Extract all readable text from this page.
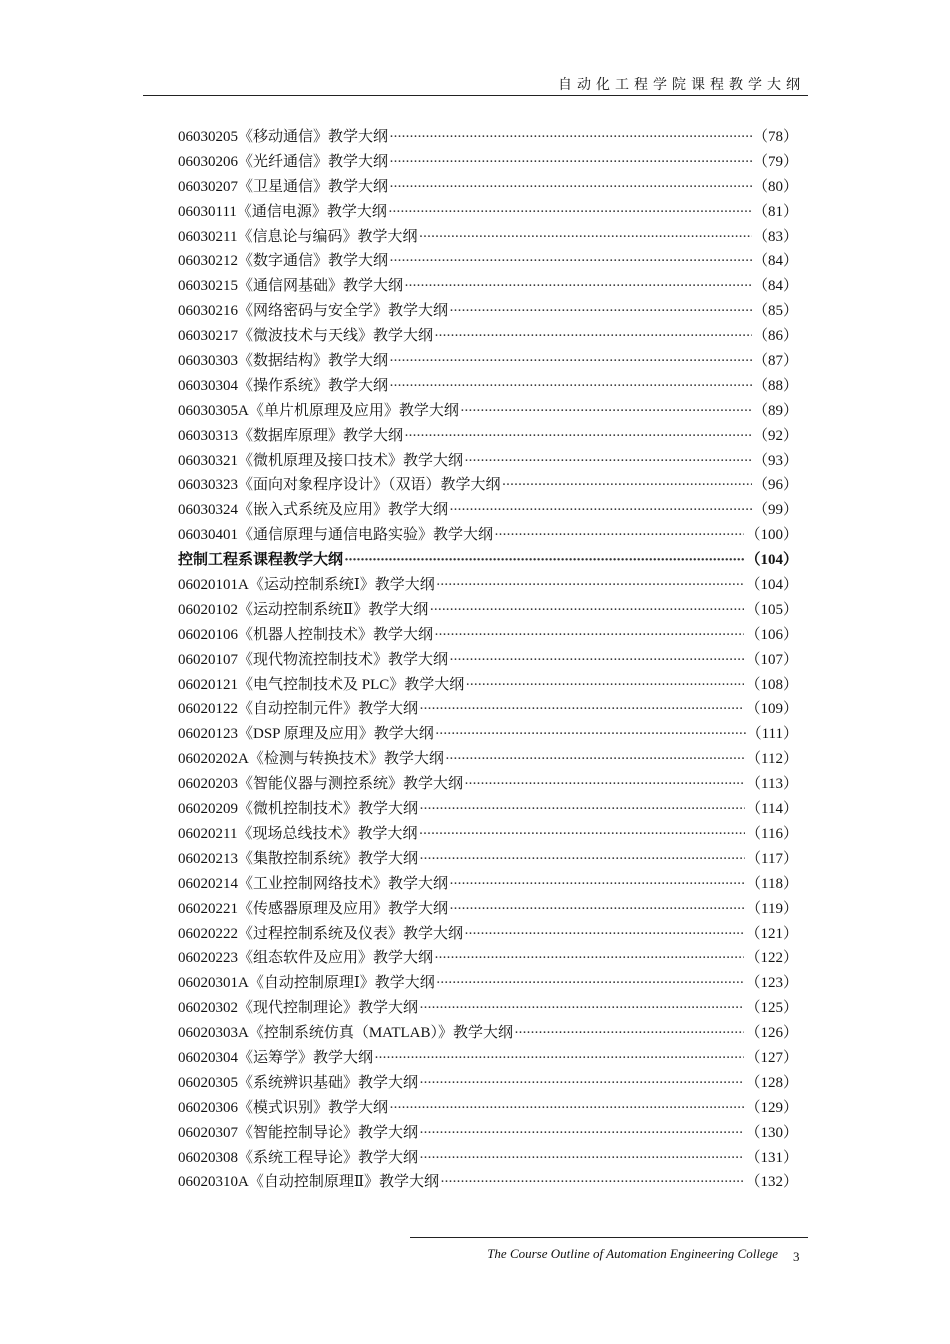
自动化工程学院课程教学大纲
06030205 《移动通信》教学大纲 ·····	（78）
06030206 《光纤通信》教学大纲 ·····	（79）
06030207 《卫星通信》教学大纲 ·····	（80）
06030111 《通信电源》教学大纲 ·····	（81）
06030211 《信息论与编码》教学大纲 ·····	（83）
06030212 《数字通信》教学大纲 ·····	（84）
06030215 《通信网基础》教学大纲 ·····	（84）
06030216 《网络密码与安全学》教学大纲 ·····	（85）
06030217 《微波技术与天线》教学大纲 ·····	（86）
06030303 《数据结构》教学大纲 ·····	（87）
06030304 《操作系统》教学大纲 ·····	（88）
06030305A 《单片机原理及应用》教学大纲 ·····	（89）
06030313 《数据库原理》教学大纲 ·····	（92）
06030321 《微机原理及接口技术》教学大纲 ·····	（93）
06030323 《面向对象程序设计》（双语）教学大纲 ·····	（96）
06030324 《嵌入式系统及应用》教学大纲 ·····	（99）
06030401 《通信原理与通信电路实验》教学大纲 ·····	（100）
控制工程系课程教学大纲 ·····	（104）
06020101A 《运动控制系统Ⅰ》教学大纲 ·····	（104）
06020102 《运动控制系统Ⅱ》教学大纲 ·····	（105）
06020106 《机器人控制技术》教学大纲 ·····	（106）
06020107 《现代物流控制技术》教学大纲 ·····	（107）
06020121 《电气控制技术及 PLC》教学大纲 ·····	（108）
06020122 《自动控制元件》教学大纲 ·····	（109）
06020123 《DSP 原理及应用》教学大纲 ·····	（111）
06020202A 《检测与转换技术》教学大纲 ·····	（112）
06020203 《智能仪器与测控系统》教学大纲 ·····	（113）
06020209 《微机控制技术》教学大纲 ·····	（114）
06020211 《现场总线技术》教学大纲 ·····	（116）
06020213 《集散控制系统》教学大纲 ·····	（117）
06020214 《工业控制网络技术》教学大纲 ·····	（118）
06020221 《传感器原理及应用》教学大纲 ·····	（119）
06020222 《过程控制系统及仪表》教学大纲 ·····	（121）
06020223 《组态软件及应用》教学大纲 ·····	（122）
06020301A 《自动控制原理Ⅰ》教学大纲 ·····	（123）
06020302 《现代控制理论》教学大纲 ·····	（125）
06020303A 《控制系统仿真（MATLAB）》教学大纲 ·····	（126）
06020304 《运筹学》教学大纲 ·····	（127）
06020305 《系统辨识基础》教学大纲 ·····	（128）
06020306 《模式识别》教学大纲 ·····	（129）
06020307 《智能控制导论》教学大纲 ·····	（130）
06020308 《系统工程导论》教学大纲 ·····	（131）
06020310A 《自动控制原理Ⅱ》教学大纲 ·····	（132）
The Course Outline of Automation Engineering College 3
